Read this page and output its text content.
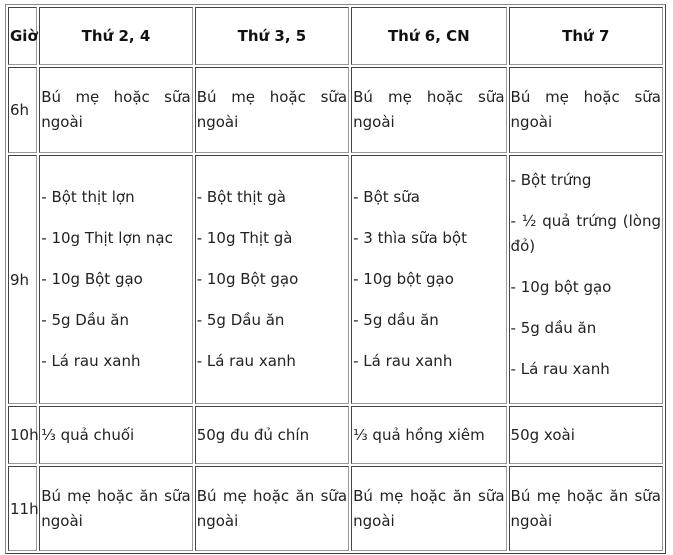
Giờ	Thứ 2, 4	Thứ 3, 5	Thứ 6, CN	Thứ 7
6h	Bú mẹ hoặc sữa ngoài	Bú mẹ hoặc sữa ngoài	Bú mẹ hoặc sữa ngoài	Bú mẹ hoặc sữa ngoài
9h	- Bột thịt lợn
- 10g Thịt lợn nạc
- 10g Bột gạo
- 5g Dầu ăn
- Lá rau xanh	- Bột thịt gà
- 10g Thịt gà
- 10g Bột gạo
- 5g Dầu ăn
- Lá rau xanh	- Bột sữa
- 3 thìa sữa bột
- 10g bột gạo
- 5g dầu ăn
- Lá rau xanh	- Bột trứng
- ½ quả trứng (lòng đỏ)
- 10g bột gạo
- 5g dầu ăn
- Lá rau xanh

10h	⅓ quả chuối	50g đu đủ chín	⅓ quả hồng xiêm	50g xoài
11h	Bú mẹ hoặc ăn sữa ngoài	Bú mẹ hoặc ăn sữa ngoài	Bú mẹ hoặc ăn sữa ngoài	Bú mẹ hoặc ăn sữa ngoài
